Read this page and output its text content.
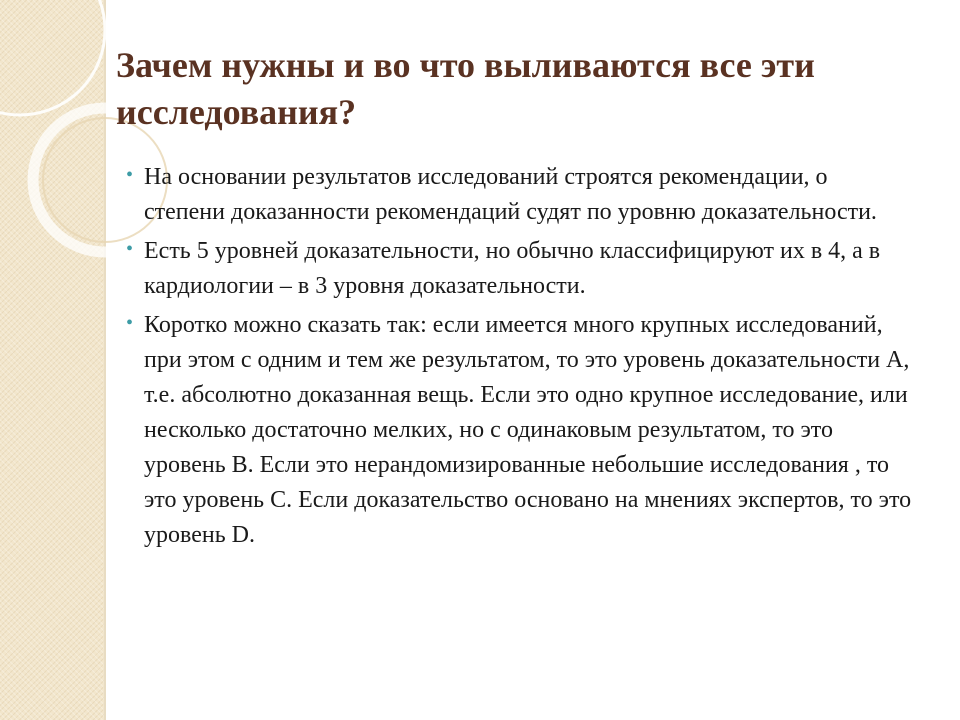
Зачем нужны и во что выливаются все эти исследования?
• На основании результатов исследований строятся рекомендации, о степени доказанности рекомендаций судят по уровню доказательности.
• Есть 5 уровней доказательности, но обычно классифицируют их в 4, а в кардиологии – в 3 уровня доказательности.
• Коротко можно сказать так: если имеется много крупных исследований, при этом с одним и тем же результатом, то это уровень доказательности А, т.е. абсолютно доказанная вещь. Если это одно крупное исследование, или несколько достаточно мелких, но с одинаковым результатом, то это уровень В. Если это нерандомизированные небольшие исследования , то это уровень С. Если доказательство основано на мнениях экспертов, то это уровень D.
